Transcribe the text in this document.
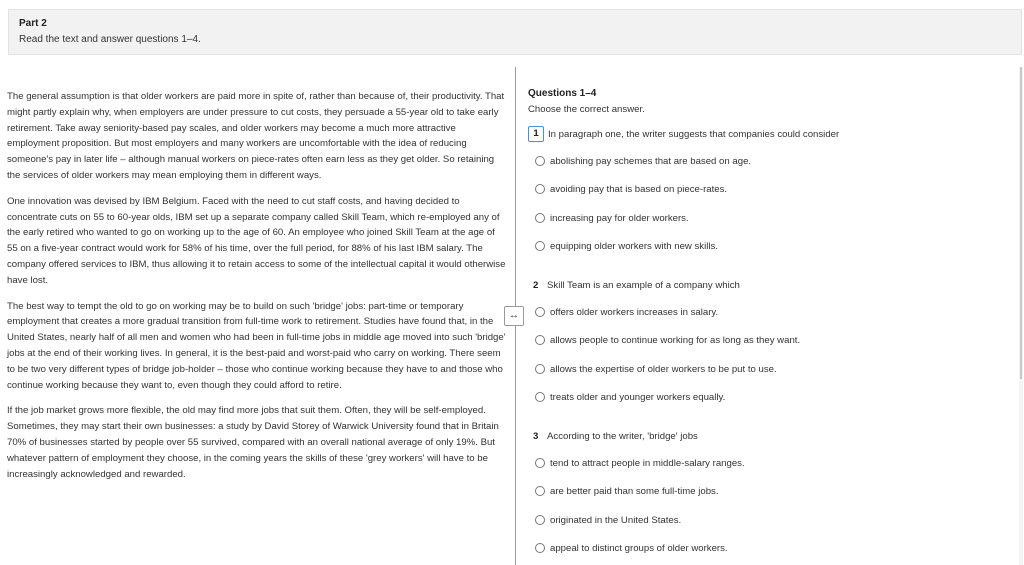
Part 2
Read the text and answer questions 1–4.

The general assumption is that older workers are paid more in spite of, rather than because of, their productivity. That might partly explain why, when employers are under pressure to cut costs, they persuade a 55-year old to take early retirement. Take away seniority-based pay scales, and older workers may become a much more attractive employment proposition. But most employers and many workers are uncomfortable with the idea of reducing someone's pay in later life – although manual workers on piece-rates often earn less as they get older. So retaining the services of older workers may mean employing them in different ways.

One innovation was devised by IBM Belgium. Faced with the need to cut staff costs, and having decided to concentrate cuts on 55 to 60-year olds, IBM set up a separate company called Skill Team, which re-employed any of the early retired who wanted to go on working up to the age of 60. An employee who joined Skill Team at the age of 55 on a five-year contract would work for 58% of his time, over the full period, for 88% of his last IBM salary. The company offered services to IBM, thus allowing it to retain access to some of the intellectual capital it would otherwise have lost.

The best way to tempt the old to go on working may be to build on such 'bridge' jobs: part-time or temporary employment that creates a more gradual transition from full-time work to retirement. Studies have found that, in the United States, nearly half of all men and women who had been in full-time jobs in middle age moved into such 'bridge' jobs at the end of their working lives. In general, it is the best-paid and worst-paid who carry on working. There seem to be two very different types of bridge job-holder – those who continue working because they have to and those who continue working because they want to, even though they could afford to retire.

If the job market grows more flexible, the old may find more jobs that suit them. Often, they will be self-employed. Sometimes, they may start their own businesses: a study by David Storey of Warwick University found that in Britain 70% of businesses started by people over 55 survived, compared with an overall national average of only 19%. But whatever pattern of employment they choose, in the coming years the skills of these 'grey workers' will have to be increasingly acknowledged and rewarded.

↔
Questions 1–4
Choose the correct answer.
1 In paragraph one, the writer suggests that companies could consider
abolishing pay schemes that are based on age.
avoiding pay that is based on piece-rates.
increasing pay for older workers.
equipping older workers with new skills.
2 Skill Team is an example of a company which
offers older workers increases in salary.
allows people to continue working for as long as they want.
allows the expertise of older workers to be put to use.
treats older and younger workers equally.
3 According to the writer, 'bridge' jobs
tend to attract people in middle-salary ranges.
are better paid than some full-time jobs.
originated in the United States.
appeal to distinct groups of older workers.
